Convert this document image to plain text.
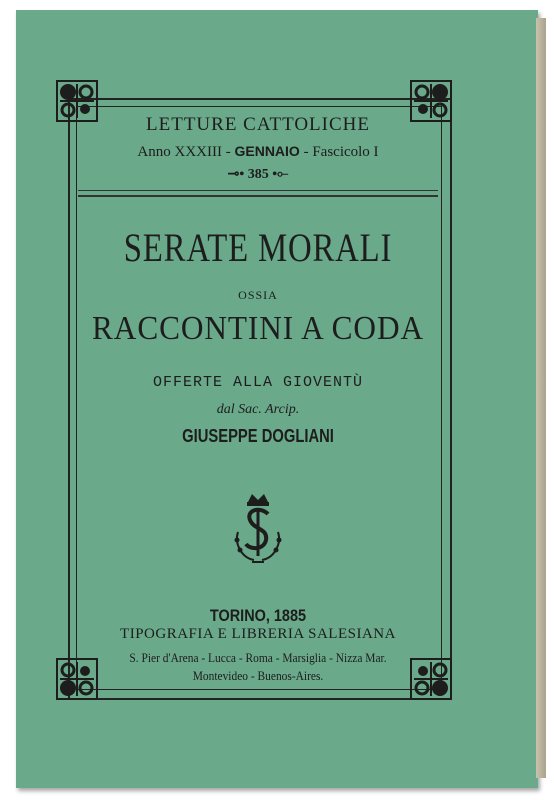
LETTURE CATTOLICHE
Anno XXXIII - GENNAIO - Fascicolo I
⊸• 385 •⟜
SERATE MORALI
OSSIA
RACCONTINI A CODA
OFFERTE ALLA GIOVENTÙ
dal Sac. Arcip.
GIUSEPPE DOGLIANI
TORINO, 1885
TIPOGRAFIA E LIBRERIA SALESIANA
S. Pier d'Arena - Lucca - Roma - Marsiglia - Nizza Mar.
Montevideo - Buenos-Aires.
